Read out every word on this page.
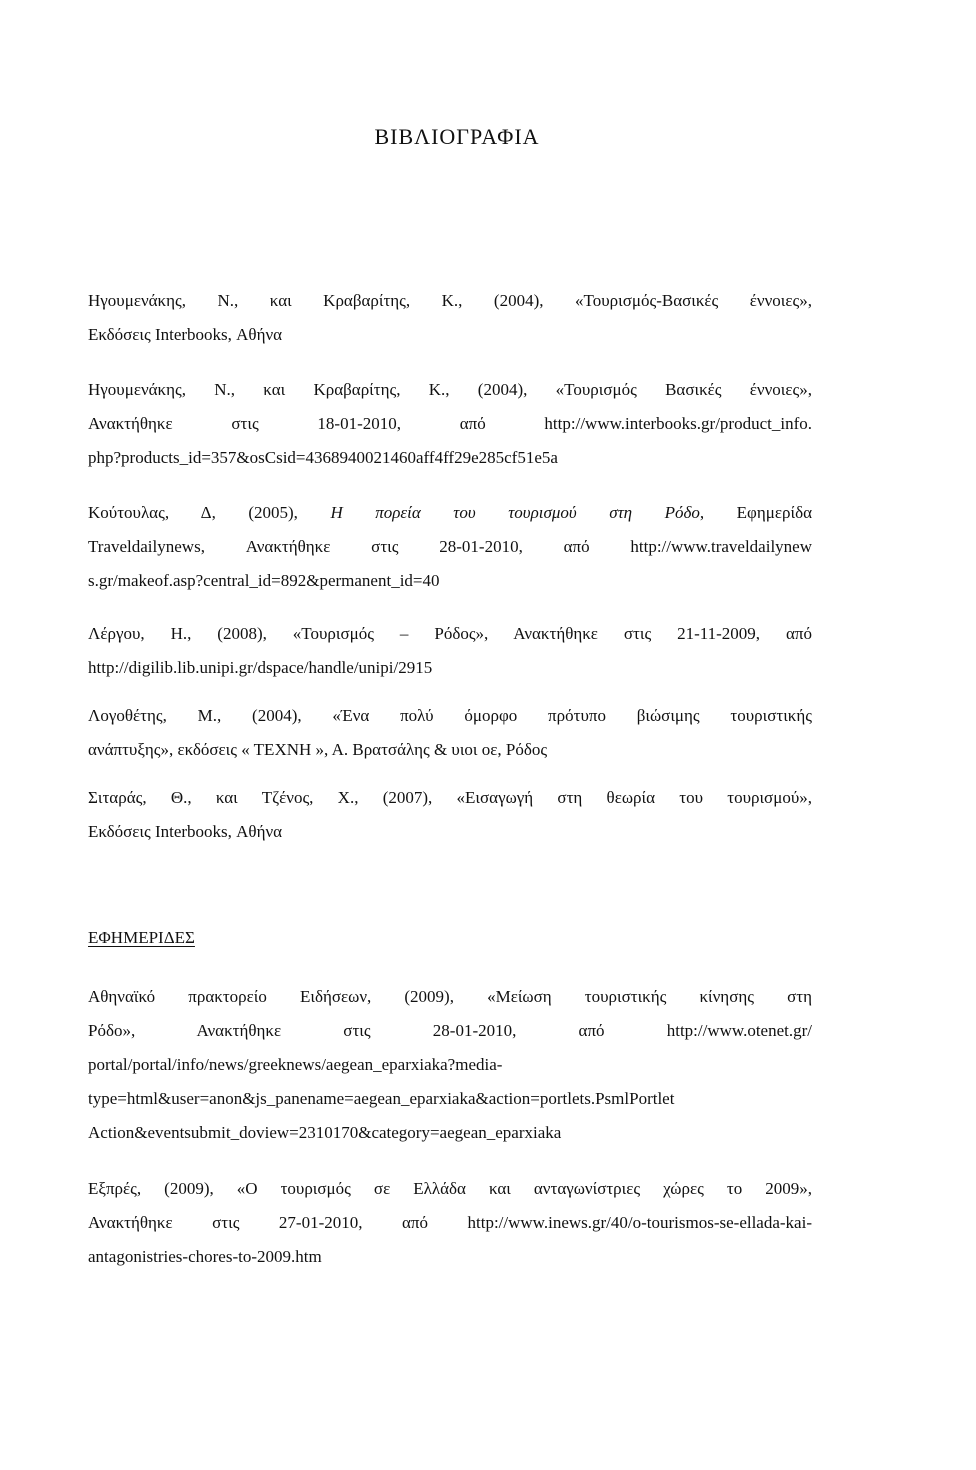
ΒΙΒΛΙΟΓΡΑΦΙΑ

Ηγουμενάκης, Ν., και Κραβαρίτης, Κ., (2004), «Τουρισμός-Βασικές έννοιες»,
Εκδόσεις Interbooks, Αθήνα

Ηγουμενάκης, Ν., και Κραβαρίτης, Κ., (2004), «Τουρισμός Βασικές έννοιες»,
Ανακτήθηκε στις 18-01-2010, από http://www.interbooks.gr/product_info.
php?products_id=357&osCsid=4368940021460aff4ff29e285cf51e5a

Κούτουλας, Δ, (2005), Η πορεία του τουρισμού στη Ρόδο, Εφημερίδα
Traveldailynews, Ανακτήθηκε στις 28-01-2010, από http://www.traveldailynew
s.gr/makeof.asp?central_id=892&permanent_id=40

Λέργου, Η., (2008), «Τουρισμός – Ρόδος», Ανακτήθηκε στις 21-11-2009, από
http://digilib.lib.unipi.gr/dspace/handle/unipi/2915

Λογοθέτης, Μ., (2004), «Ένα πολύ όμορφο πρότυπο βιώσιμης τουριστικής
ανάπτυξης», εκδόσεις « ΤΕΧΝΗ », Α. Βρατσάλης & υιοι οε, Ρόδος

Σιταράς, Θ., και Τζένος, Χ., (2007), «Εισαγωγή στη θεωρία του τουρισμού»,
Εκδόσεις Interbooks, Αθήνα

ΕΦΗΜΕΡΙΔΕΣ

Αθηναϊκό πρακτορείο Ειδήσεων, (2009), «Μείωση τουριστικής κίνησης στη
Ρόδο», Ανακτήθηκε στις 28-01-2010, από http://www.otenet.gr/
portal/portal/info/news/greeknews/aegean_eparxiaka?media-
type=html&user=anon&js_panename=aegean_eparxiaka&action=portlets.PsmlPortlet
Action&eventsubmit_doview=2310170&category=aegean_eparxiaka

Εξπρές, (2009), «Ο τουρισμός σε Ελλάδα και ανταγωνίστριες χώρες το 2009»,
Ανακτήθηκε στις 27-01-2010, από http://www.inews.gr/40/o-tourismos-se-ellada-kai-
antagonistries-chores-to-2009.htm
